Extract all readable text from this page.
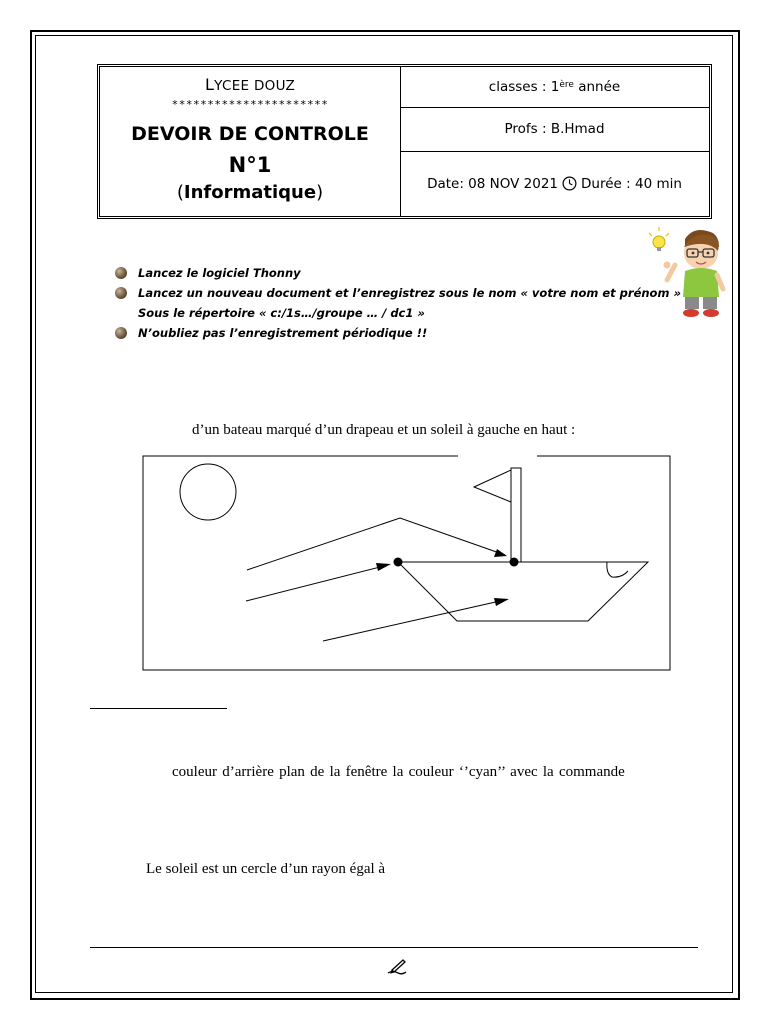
LYCEE DOUZ
**********************
DEVOIR DE CONTROLE
N°1
(Informatique)
classes : 1ère année
Profs : B.Hmad
Date: 08 NOV 2021 Durée : 40 min
Lancez le logiciel Thonny
Lancez un nouveau document et l’enregistrez sous le nom « votre nom et prénom »
Sous le répertoire « c:/1s…/groupe … / dc1 »
N’oubliez pas l’enregistrement périodique !!
d’un bateau marqué d’un drapeau et un soleil à gauche en haut :
couleur d’arrière plan de la fenêtre la couleur ‘’cyan’’ avec la commande
Le soleil est un cercle d’un rayon égal à
